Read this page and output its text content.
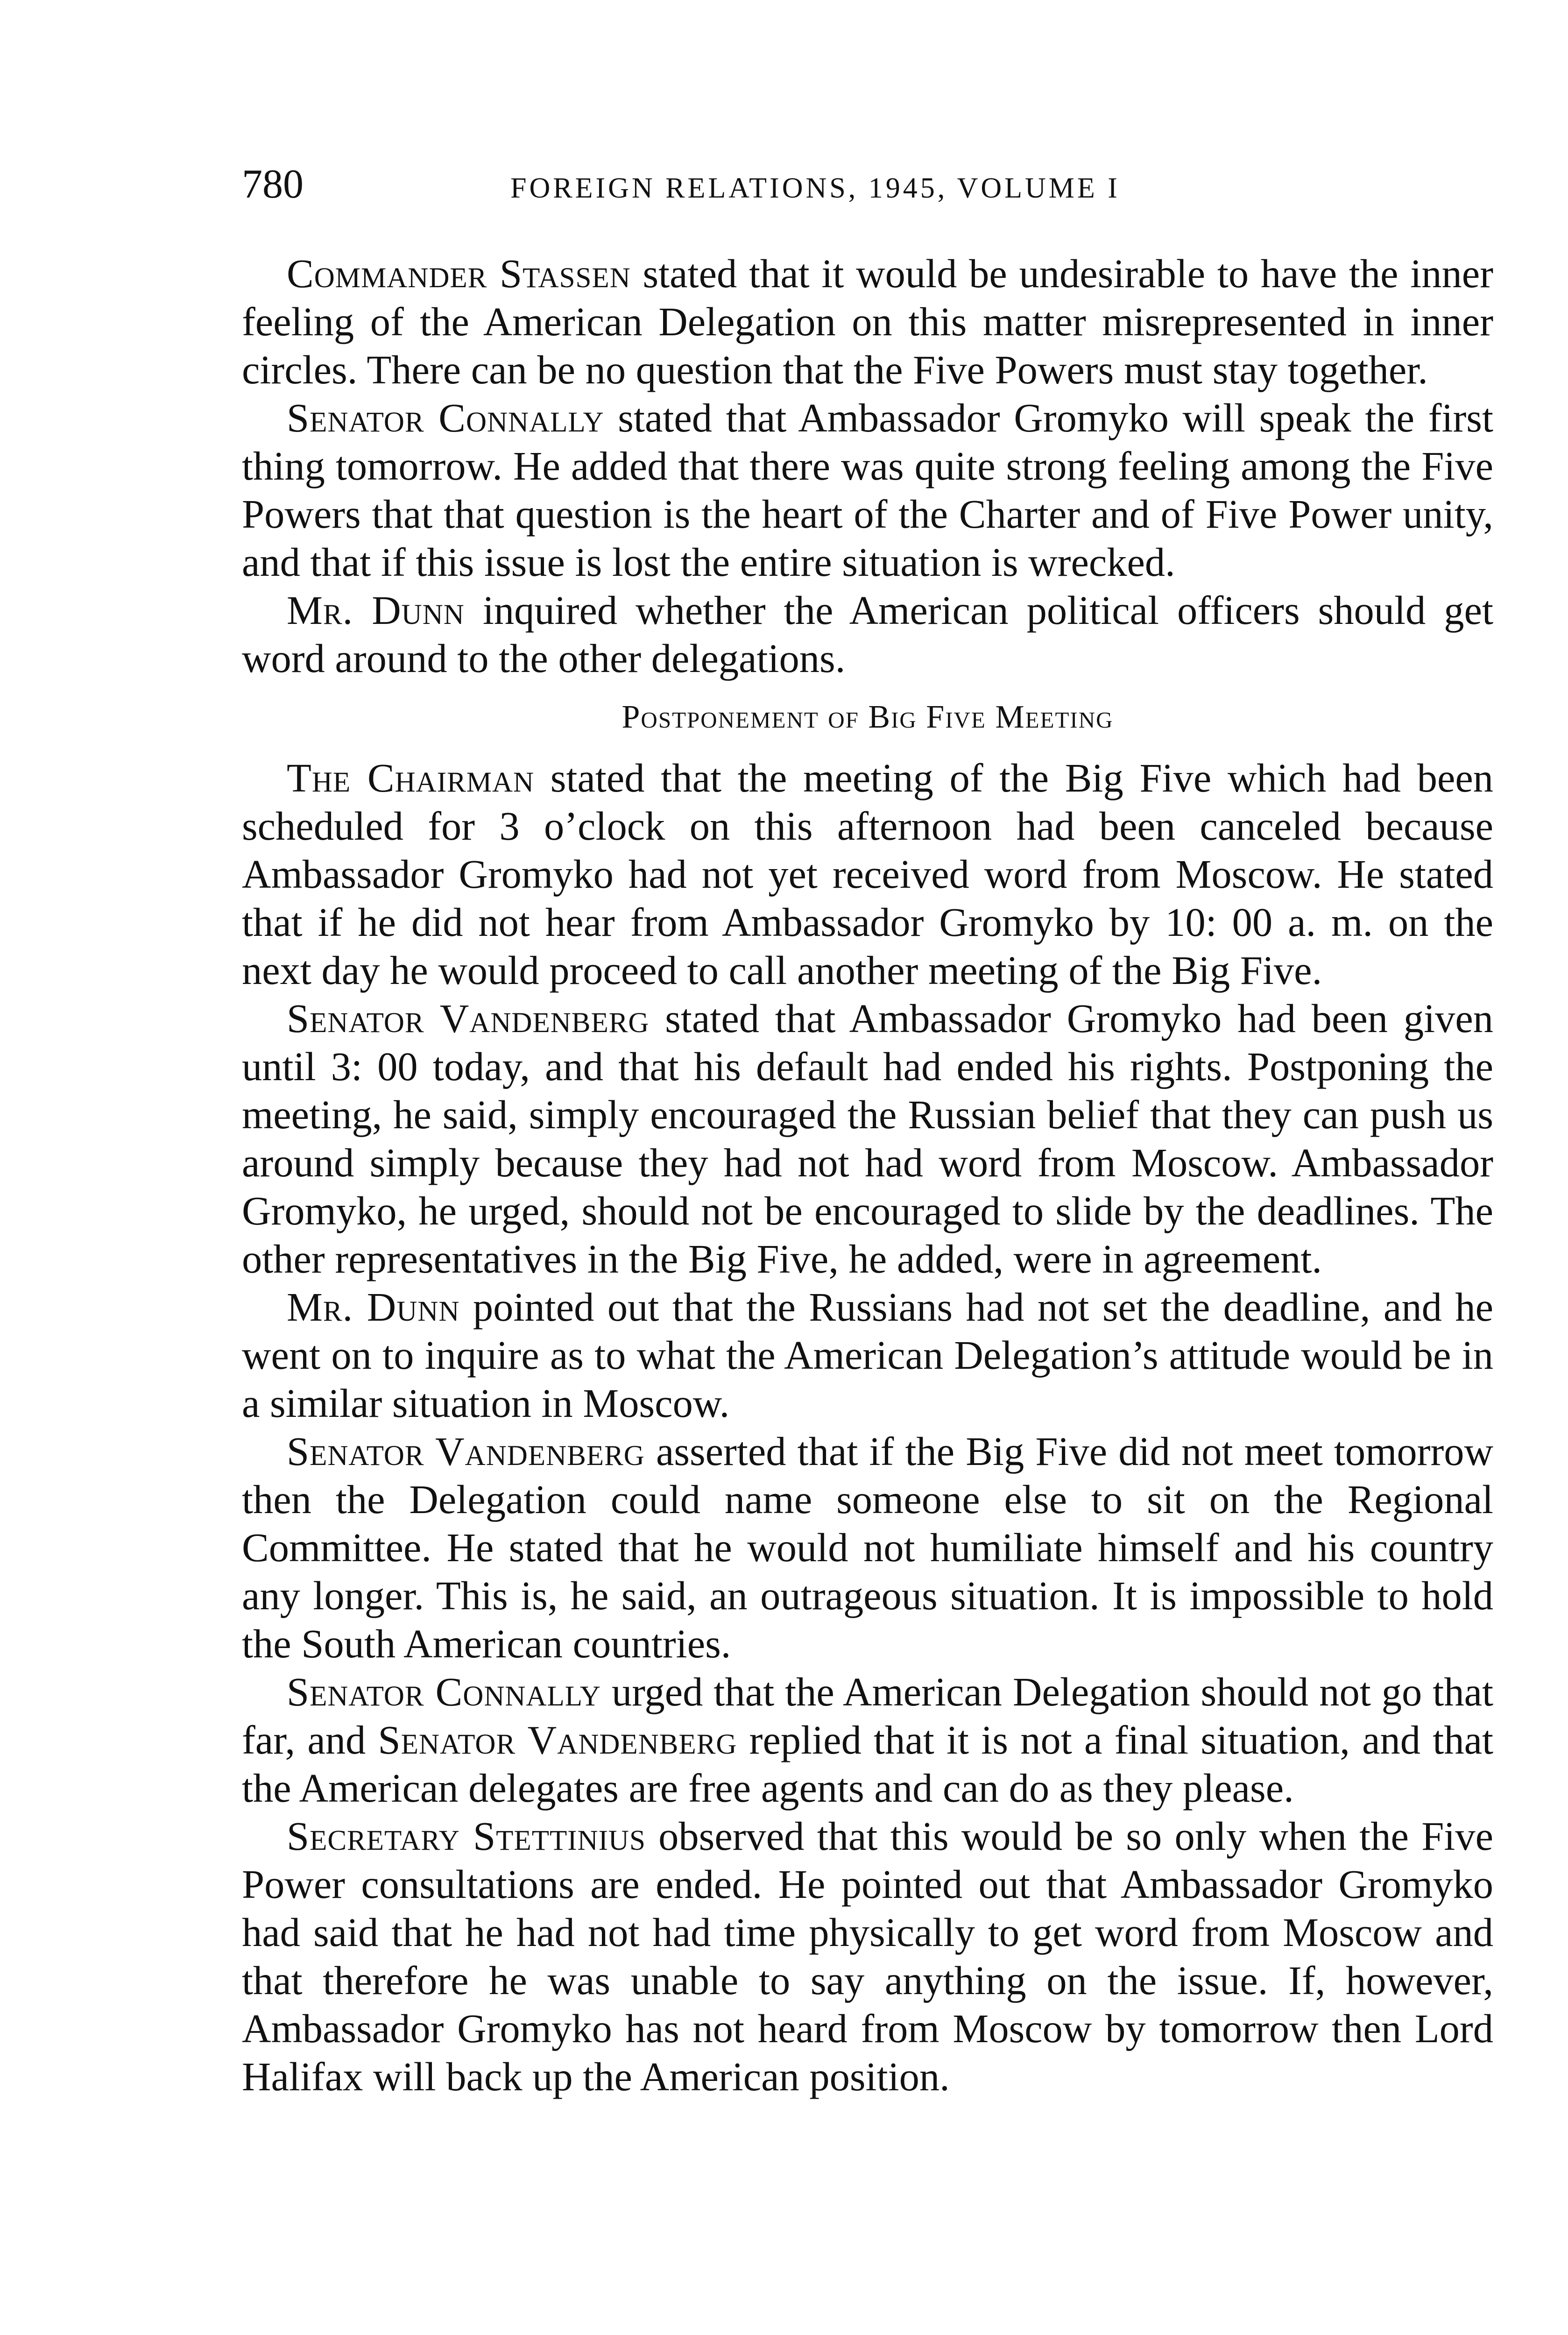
780	FOREIGN RELATIONS, 1945, VOLUME I

Commander Stassen stated that it would be undesirable to have the inner feeling of the American Delegation on this matter misrepresented in inner circles. There can be no question that the Five Powers must stay together.

Senator Connally stated that Ambassador Gromyko will speak the first thing tomorrow. He added that there was quite strong feeling among the Five Powers that that question is the heart of the Charter and of Five Power unity, and that if this issue is lost the entire situation is wrecked.

Mr. Dunn inquired whether the American political officers should get word around to the other delegations.

Postponement of Big Five Meeting

The Chairman stated that the meeting of the Big Five which had been scheduled for 3 o’clock on this afternoon had been canceled because Ambassador Gromyko had not yet received word from Moscow. He stated that if he did not hear from Ambassador Gromyko by 10: 00 a. m. on the next day he would proceed to call another meeting of the Big Five.

Senator Vandenberg stated that Ambassador Gromyko had been given until 3: 00 today, and that his default had ended his rights. Postponing the meeting, he said, simply encouraged the Russian belief that they can push us around simply because they had not had word from Moscow. Ambassador Gromyko, he urged, should not be encouraged to slide by the deadlines. The other representatives in the Big Five, he added, were in agreement.

Mr. Dunn pointed out that the Russians had not set the deadline, and he went on to inquire as to what the American Delegation’s attitude would be in a similar situation in Moscow.

Senator Vandenberg asserted that if the Big Five did not meet tomorrow then the Delegation could name someone else to sit on the Regional Committee. He stated that he would not humiliate himself and his country any longer. This is, he said, an outrageous situation. It is impossible to hold the South American countries.

Senator Connally urged that the American Delegation should not go that far, and Senator Vandenberg replied that it is not a final situation, and that the American delegates are free agents and can do as they please.

Secretary Stettinius observed that this would be so only when the Five Power consultations are ended. He pointed out that Ambassador Gromyko had said that he had not had time physically to get word from Moscow and that therefore he was unable to say anything on the issue. If, however, Ambassador Gromyko has not heard from Moscow by tomorrow then Lord Halifax will back up the American position.
